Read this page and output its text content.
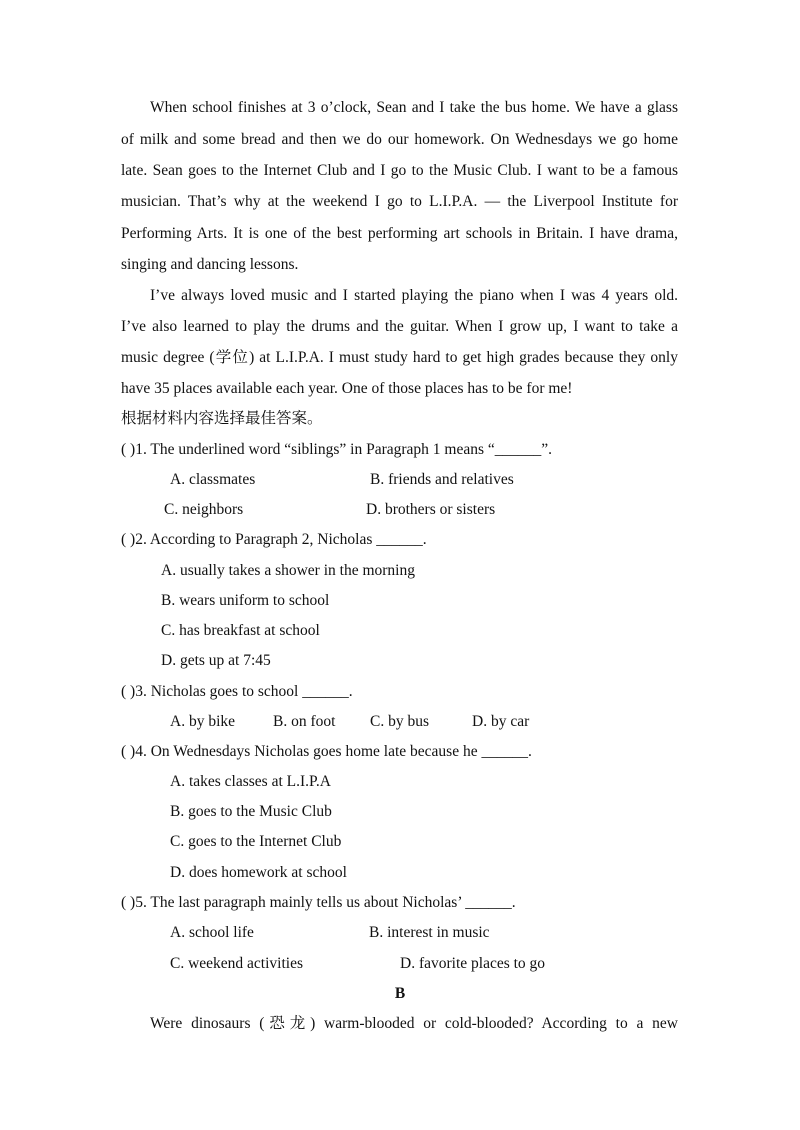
When school finishes at 3 o’clock, Sean and I take the bus home. We have a glass
of milk and some bread and then we do our homework. On Wednesdays we go home
late. Sean goes to the Internet Club and I go to the Music Club. I want to be a famous
musician. That’s why at the weekend I go to L.I.P.A. — the Liverpool Institute for
Performing Arts. It is one of the best performing art schools in Britain. I have drama,
singing and dancing lessons.
I’ve always loved music and I started playing the piano when I was 4 years old.
I’ve also learned to play the drums and the guitar. When I grow up, I want to take a
music degree (学位) at L.I.P.A. I must study hard to get high grades because they only
have 35 places available each year. One of those places has to be for me!
根据材料内容选择最佳答案。
( )1. The underlined word “siblings” in Paragraph 1 means “______”.
A. classmates	B. friends and relatives
C. neighbors	D. brothers or sisters
( )2. According to Paragraph 2, Nicholas ______.
A. usually takes a shower in the morning
B. wears uniform to school
C. has breakfast at school
D. gets up at 7:45
( )3. Nicholas goes to school ______.
A. by bike B. on foot C. by bus	D. by car
( )4. On Wednesdays Nicholas goes home late because he ______.
A. takes classes at L.I.P.A
B. goes to the Music Club
C. goes to the Internet Club
D. does homework at school
( )5. The last paragraph mainly tells us about Nicholas’ ______.
A. school life	B. interest in music
C. weekend activities	D. favorite places to go
B
Were dinosaurs (恐龙) warm-blooded or cold-blooded? According to a new
